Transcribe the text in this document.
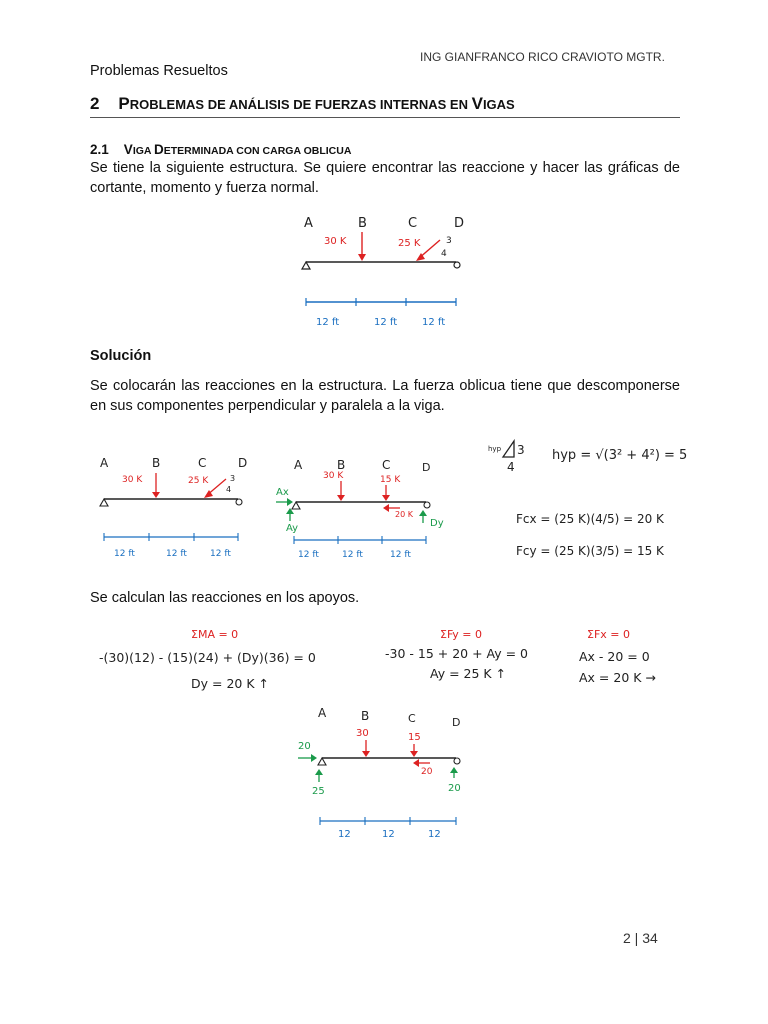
ING GIANFRANCO RICO CRAVIOTO MGTR.
Problemas Resueltos
2 PROBLEMAS DE ANÁLISIS DE FUERZAS INTERNAS EN VIGAS
2.1 VIGA DETERMINADA CON CARGA OBLICUA
Se tiene la siguiente estructura. Se quiere encontrar las reaccione y hacer las gráficas de cortante, momento y fuerza normal.
A	B	C	D
30 K	25 K	3
4
12 ft	12 ft 12 ft
Solución
Se colocarán las reacciones en la estructura. La fuerza oblicua tiene que descomponerse en sus componentes perpendicular y paralela a la viga.
A	B	C	D
30 K	25 K	3
4
12 ft	12 ft	12 ft
A	B	C	D
30 K	15 K
20 K
Ax
Ay	Dy
12 ft	12 ft	12 ft
hyp 3
4
hyp = √(3² + 4²) = 5
Fcx = (25 K)(4/5) = 20 K
Fcy = (25 K)(3/5) = 15 K
Se calculan las reacciones en los apoyos.
ΣMA = 0
-(30)(12) - (15)(24) + (Dy)(36) = 0
Dy = 20 K ↑
ΣFy = 0
-30 - 15 + 20 + Ay = 0
Ay = 25 K ↑
ΣFx = 0
Ax - 20 = 0
Ax = 20 K →
A	B	C	D
30	15
20
20
25	20
12	12	12
2 | 34
